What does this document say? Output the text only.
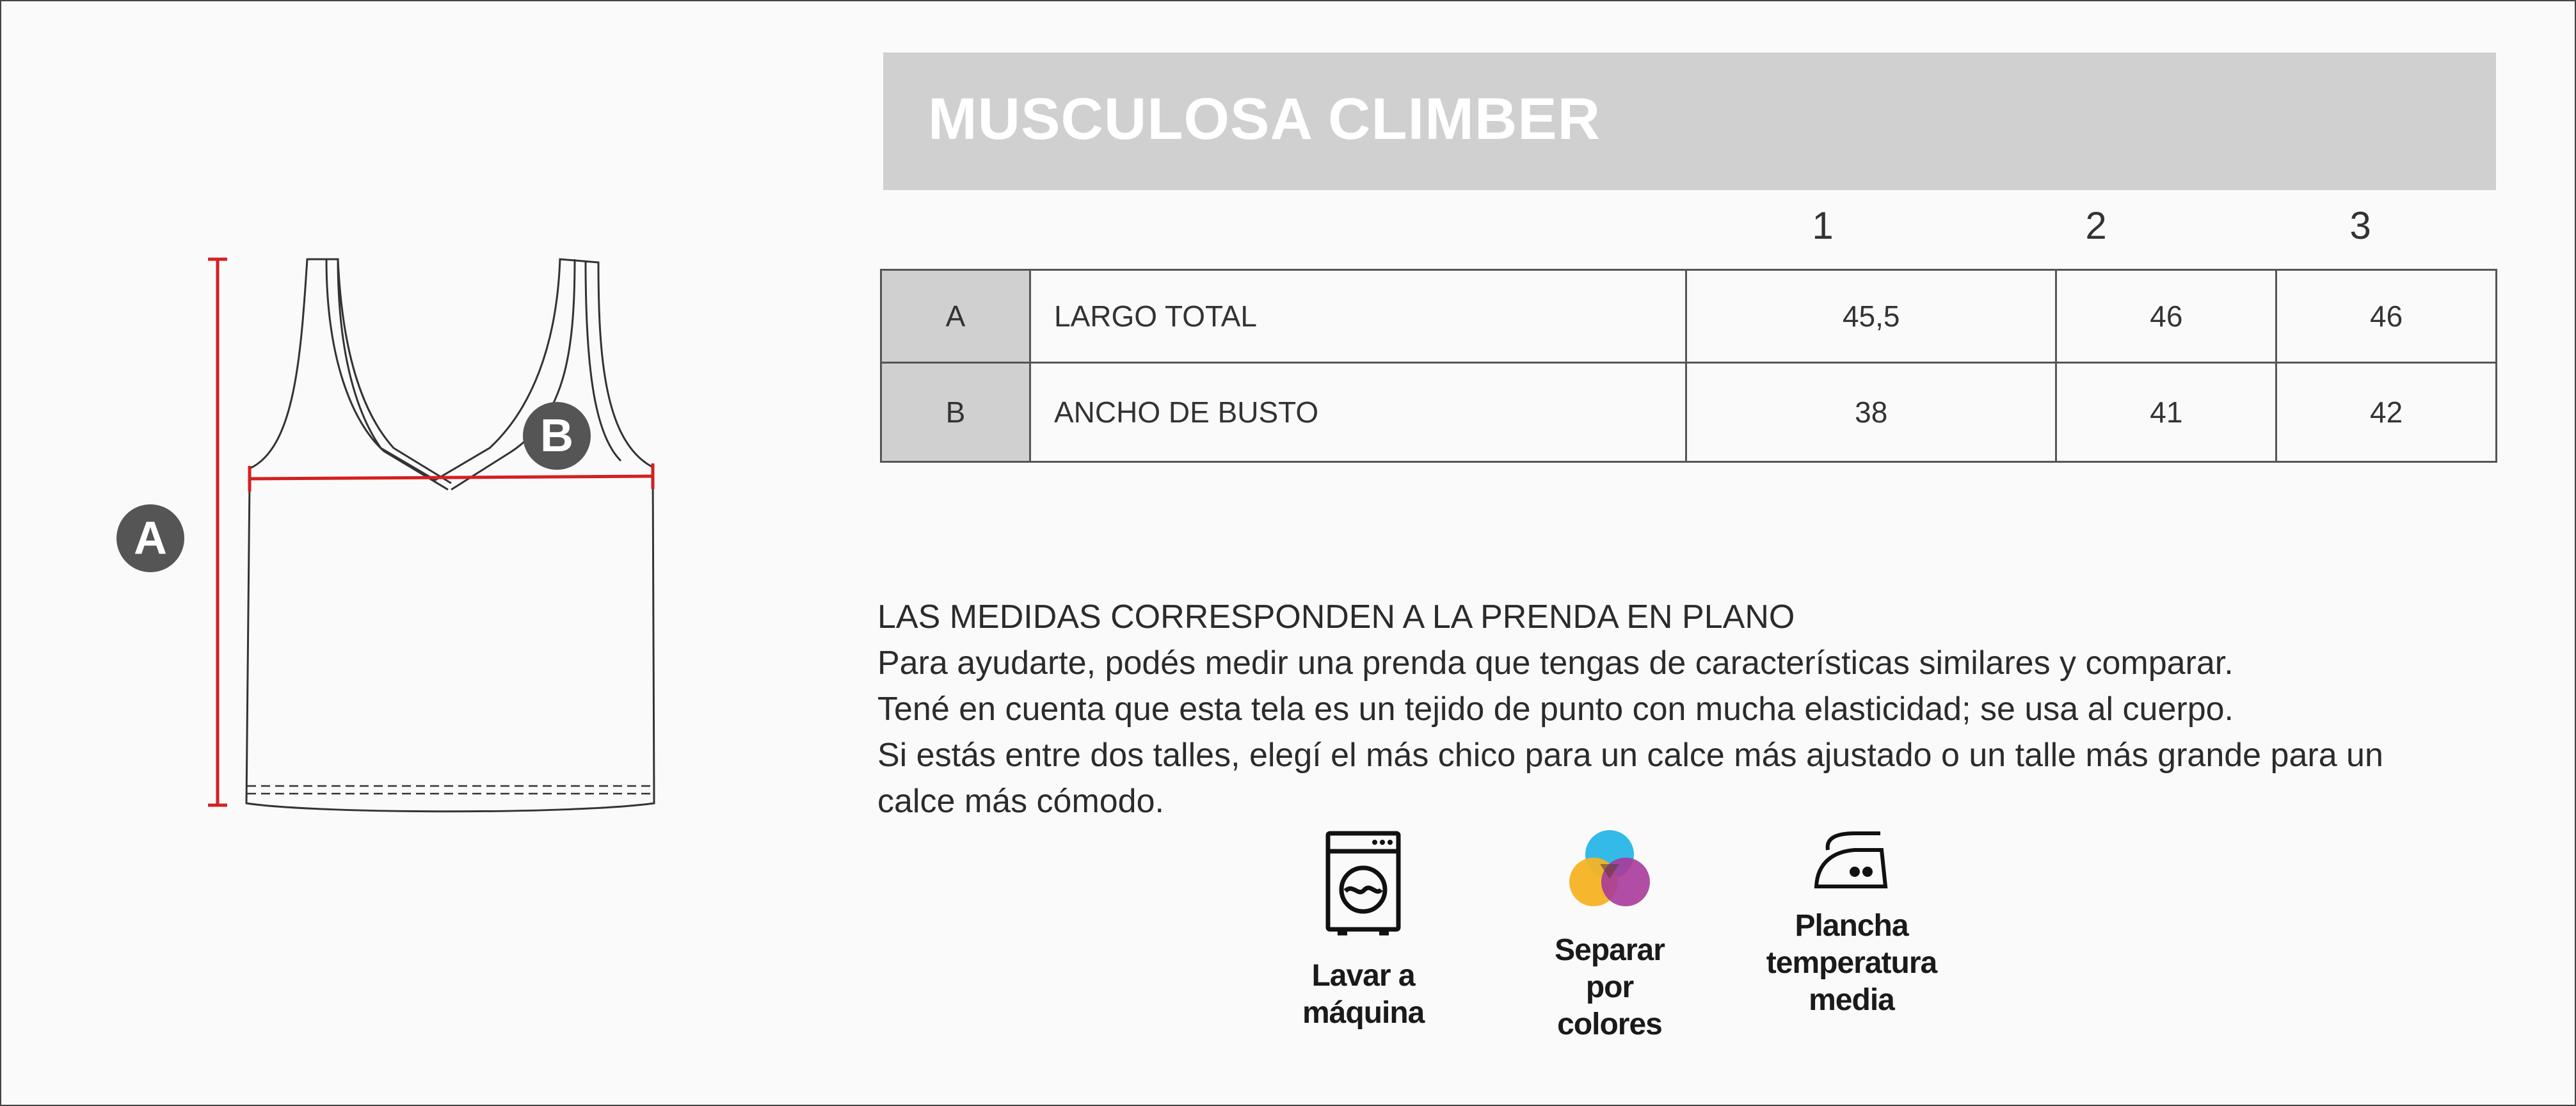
A
B
MUSCULOSA CLIMBER
1	2	3
A	LARGO TOTAL	45,5	46	46
B	ANCHO DE BUSTO	38	41	42

LAS MEDIDAS CORRESPONDEN A LA PRENDA EN PLANO

Para ayudarte, podés medir una prenda que tengas de características similares y comparar.

Tené en cuenta que esta tela es un tejido de punto con mucha elasticidad; se usa al cuerpo.

Si estás entre dos talles, elegí el más chico para un calce más ajustado o un talle más grande para un calce más cómodo.

Lavar a máquina
Separar por colores
Plancha temperatura media
